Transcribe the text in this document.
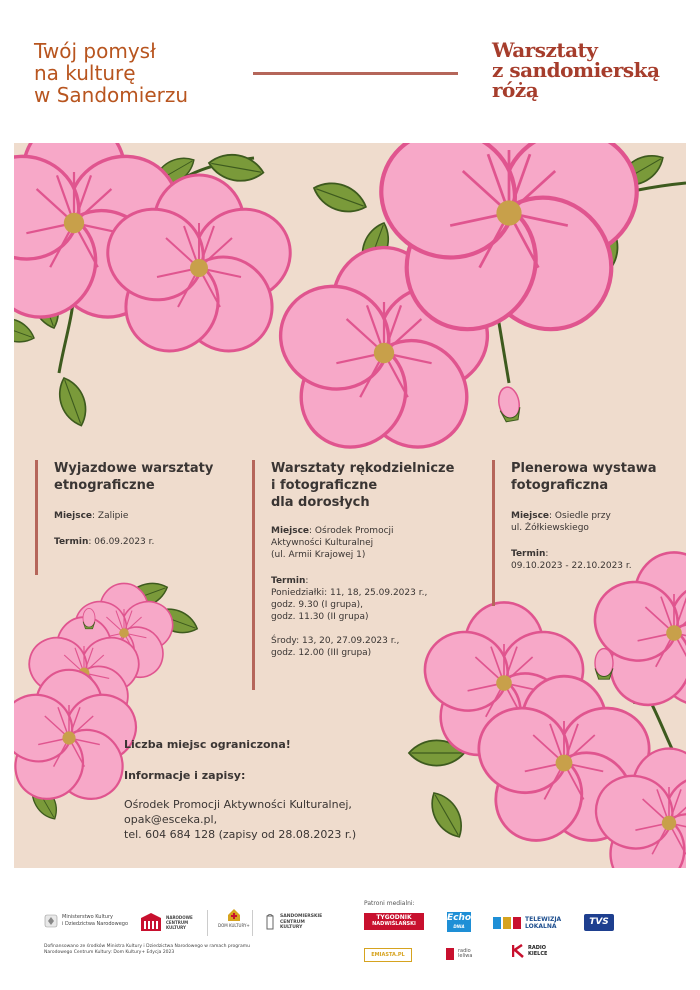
Twój pomysł
na kulturę
w Sandomierzu
Warsztaty
z sandomierską
różą
Wyjazdowe warsztaty
etnograficzne

Miejsce: Zalipie

Termin: 06.09.2023 r.

Warsztaty rękodzielnicze
i fotograficzne
dla dorosłych

Miejsce: Ośrodek Promocji
Aktywności Kulturalnej
(ul. Armii Krajowej 1)

Termin:
Poniedziałki: 11, 18, 25.09.2023 r.,
godz. 9.30 (I grupa),
godz. 11.30 (II grupa)

Środy: 13, 20, 27.09.2023 r.,
godz. 12.00 (III grupa)

Plenerowa wystawa
fotograficzna

Miejsce: Osiedle przy
ul. Żółkiewskiego

Termin:
09.10.2023 - 22.10.2023 r.

Liczba miejsc ograniczona!
Informacje i zapisy:
Ośrodek Promocji Aktywności Kulturalnej,
opak@esceka.pl,
tel. 604 684 128 (zapisy od 28.08.2023 r.)
Ministerstwo Kultury
i Dziedzictwa Narodowego
NARODOWE
CENTRUM
KULTURY	DOM KULTURY+
SANDOMIERSKIE
CENTRUM
KULTURY
Dofinansowano ze środków Ministra Kultury i Dziedzictwa Narodowego w ramach programu
Narodowego Centrum Kultury: Dom Kultury+ Edycja 2023
Patroni medialni:
TYGODNIK
NADWIŚLAŃSKI
Echo
DNIA
TELEWIZJA
LOKALNA	TVS
EMIASTA.PL
radio
leliwa
RADIO
KIELCE
